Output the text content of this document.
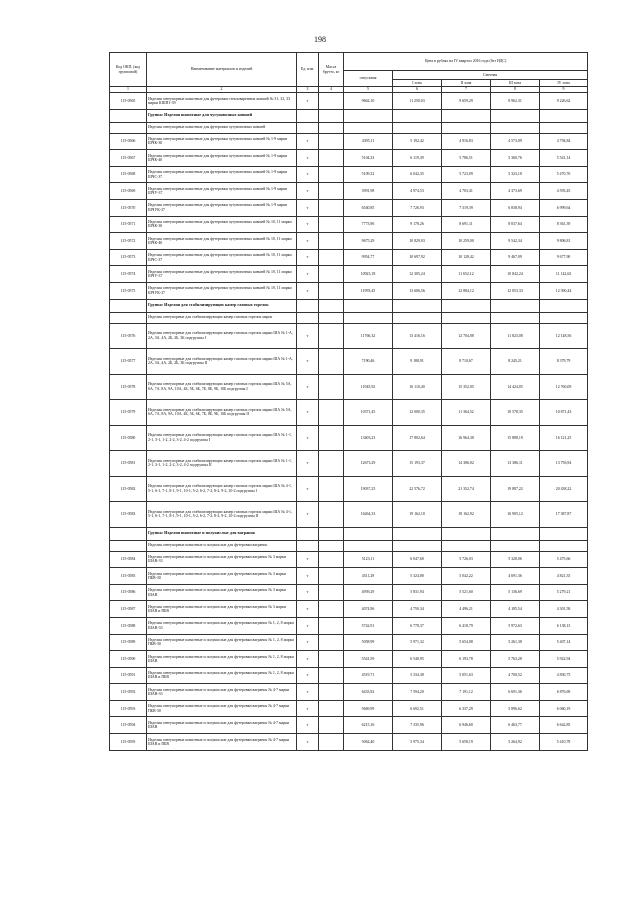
198
Код ОКП, (код групповой)	Наименование материалов и изделий	Ед. изм.	Масса брутто, кг	Цена в рублях на IV квартал 2016 года (без НДС)				
				отпускная	Сметная			
					I зона	II зона	III зона	IV зона
1	2	3	4	5	6	7	8	9
115-0565	Изделия огнеупорные шамотные для футеровки стекловаренных ковшей № 31, 32, 33 марки КШП1-39	т		9662,10	11 250,03	9 659,29	8 962,31	9 226,62
	Группа: Изделия шамотные для чугуновозных ковшей							
	Изделия огнеупорные шамотные для футеровки чугуновозных ковшей							
115-0566	Изделия огнеупорные шамотные для футеровки чугуновозных ковшей № 1-9 марки ШЧК-30	т		4395,11	5 192,42	4 916,83	4 573,09	4 794,84
115-0567	Изделия огнеупорные шамотные для футеровки чугуновозных ковшей № 1-9 марки ШЧК-40	т		5104,33	6 119,39	5 786,51	5 360,76	5 541,14
115-0568	Изделия огнеупорные шамотные для футеровки чугуновозных ковшей № 1-9 марки ШЧС-37	т		5109,32	6 042,35	5 723,09	5 323,18	5 470,76
115-0569	Изделия огнеупорные шамотные для футеровки чугуновозных ковшей № 1-9 марки ШЧУ-37	т		3991,98	4 974,53	4 703,41	4 373,69	4 593,45
115-0570	Изделия огнеупорные шамотные для футеровки чугуновозных ковшей № 1-9 марки ШЧУК-37	т		6540,85	7 726,93	7 319,39	6 838,94	6 999,64
115-0571	Изделия огнеупорные шамотные для футеровки чугуновозных ковшей № 10, 11 марки ШЧК-30	т		7773,96	9 178,26	8 691,11	8 037,64	8 361,39
115-0572	Изделия огнеупорные шамотные для футеровки чугуновозных ковшей № 10, 11 марки ШЧК-40	т		9675,29	10 829,03	10 259,00	9 542,34	9 806,81
115-0573	Изделия огнеупорные шамотные для футеровки чугуновозных ковшей № 10, 11 марки ШЧС-37	т		9954,77	10 697,92	10 128,42	9 467,09	9 677,90
115-0574	Изделия огнеупорные шамотные для футеровки чугуновозных ковшей № 10, 11 марки ШЧУ-37	т		10923,18	12 305,24	11 652,12	10 842,24	11 142,63
115-0575	Изделия огнеупорные шамотные для футеровки чугуновозных ковшей № 10, 11 марки ШЧУК-37	т		11993,45	13 606,56	12 884,12	12 053,33	12 390,44
	Группа: Изделия для стабилизирующих камер газовых горелок							
	Изделия огнеупорные для стабилизирующих камер газовых горелок марок							
115-0576	Изделия огнеупорные для стабилизирующих камер газовых горелок марки ША № 1-А, 2А, 3А, 4А, 2Б, 2Б, 3Б подгруппы I	т		11766,32	13 416,16	12 704,08	11 823,08	12 148,56
115-0577	Изделия огнеупорные для стабилизирующих камер газовых горелок марки ША № 1-А, 2А, 3А, 4А, 2Б, 2Б, 3Б подгруппы II	т		7190,46	9 188,91	8 710,67	8 245,21	8 379,79
115-0578	Изделия огнеупорные для стабилизирующих камер газовых горелок марки ША № 5А, 6А, 7А, 8А, 9А, 10А, 4Б, 5Б, 6Б, 7Б, 8Б, 9Б, 10Б подгруппы I	т		11945,92	16 110,40	15 352,05	14 424,05	12 760,09
115-0579	Изделия огнеупорные для стабилизирующих камер газовых горелок марки ША № 5А, 6А, 7А, 8А, 9А, 10А, 4Б, 5Б, 6Б, 7Б, 8Б, 9Б, 10Б подгруппы II	т		10371,45	12 000,35	11 364,52	10 578,35	10 871,43
115-0580	Изделия огнеупорные для стабилизирующих камер газовых горелок марки ША № 1-1, 2-1, 3-1, 1-2, 2-2, 3-2, 4-2 подгруппы I	т		13403,23	17 802,64	16 964,38	15 888,19	16 121,25
115-0581	Изделия огнеупорные для стабилизирующих камер газовых горелок марки ША № 1-1, 2-1, 3-1, 1-2, 2-2, 3-2, 4-2 подгруппы II	т		12673,29	15 193,37	14 386,02	13 386,11	13 756,94
115-0582	Изделия огнеупорные для стабилизирующих камер газовых горелок марки ША № 4-1, 5-1, 6-1, 7-1, 8-1, 9-1, 10-1, 5-2, 6-2, 7-2, 8-2, 9-2, 10-2 подгруппы I	т		19037,25	22 576,72	21 352,74	19 887,22	20 438,22
115-0583	Изделия огнеупорные для стабилизирующих камер газовых горелок марки ША № 4-1, 5-1, 6-1, 7-1, 8-1, 9-1, 10-1, 5-2, 6-2, 7-2, 8-2, 9-2, 10-2 подгруппы II	т		16264,33	19 162,10	18 162,92	16 905,12	17 387,87
	Группа: Изделия шамотные и полукислые для вагранок							
	Изделия огнеупорные шамотные и полукислые для футеровки вагранок							
115-0584	Изделия огнеупорные шамотные и полукислые для футеровки вагранок № 3 марки ШАВ-33	т		5123,11	6 047,60	5 726,03	5 328,06	5 475,66
115-0585	Изделия огнеупорные шамотные и полукислые для футеровки вагранок № 3 марки ПБВ-30	т		4511,29	5 324,80	5 042,22	4 691,36	4 821,35
115-0586	Изделия огнеупорные шамотные и полукислые для футеровки вагранок № 3 марки ШАВ	т		4959,29	5 831,94	5 521,60	5 136,69	5 279,21
115-0587	Изделия огнеупорные шамотные и полукислые для футеровки вагранок № 3 марки ШАВ и ПБВ	т		4074,96	4 750,34	4 496,21	4 185,54	4 301,58
115-0588	Изделия огнеупорные шамотные и полукислые для футеровки вагранок № 1, 2, 8 марки ШАВ-33	т		5742,91	6 778,37	6 418,79	5 972,63	6 138,13
115-0589	Изделия огнеупорные шамотные и полукислые для футеровки вагранок № 1, 2, 8 марки ПБВ-30	т		5058,99	5 971,32	5 654,08	5 261,38	5 407,14
115-0590	Изделия огнеупорные шамотные и полукислые для футеровки вагранок № 1, 2, 8 марки ШАВ	т		5541,59	6 540,95	6 193,78	5 763,28	5 922,94
115-0591	Изделия огнеупорные шамотные и полукислые для футеровки вагранок № 1, 2, 8 марки ШАВ и ПБВ	т		4519,71	5 334,38	5 051,63	4 700,52	4 830,75
115-0592	Изделия огнеупорные шамотные и полукислые для футеровки вагранок № 4-7 марки ШАВ-33	т		6433,92	7 594,20	7 191,12	6 691,36	6 876,69
115-0593	Изделия огнеупорные шамотные и полукислые для футеровки вагранок № 4-7 марки ПБВ-30	т		5669,99	6 692,51	6 337,29	5 896,62	6 060,19
115-0594	Изделия огнеупорные шамотные и полукислые для футеровки вагранок № 4-7 марки ШАВ	т		6215,16	7 335,96	6 946,60	6 463,77	6 642,85
115-0595	Изделия огнеупорные шамотные и полукислые для футеровки вагранок № 4-7 марки ШАВ и ПБВ	т		5062,40	5 975,34	5 658,19	5 264,92	5 410,78
